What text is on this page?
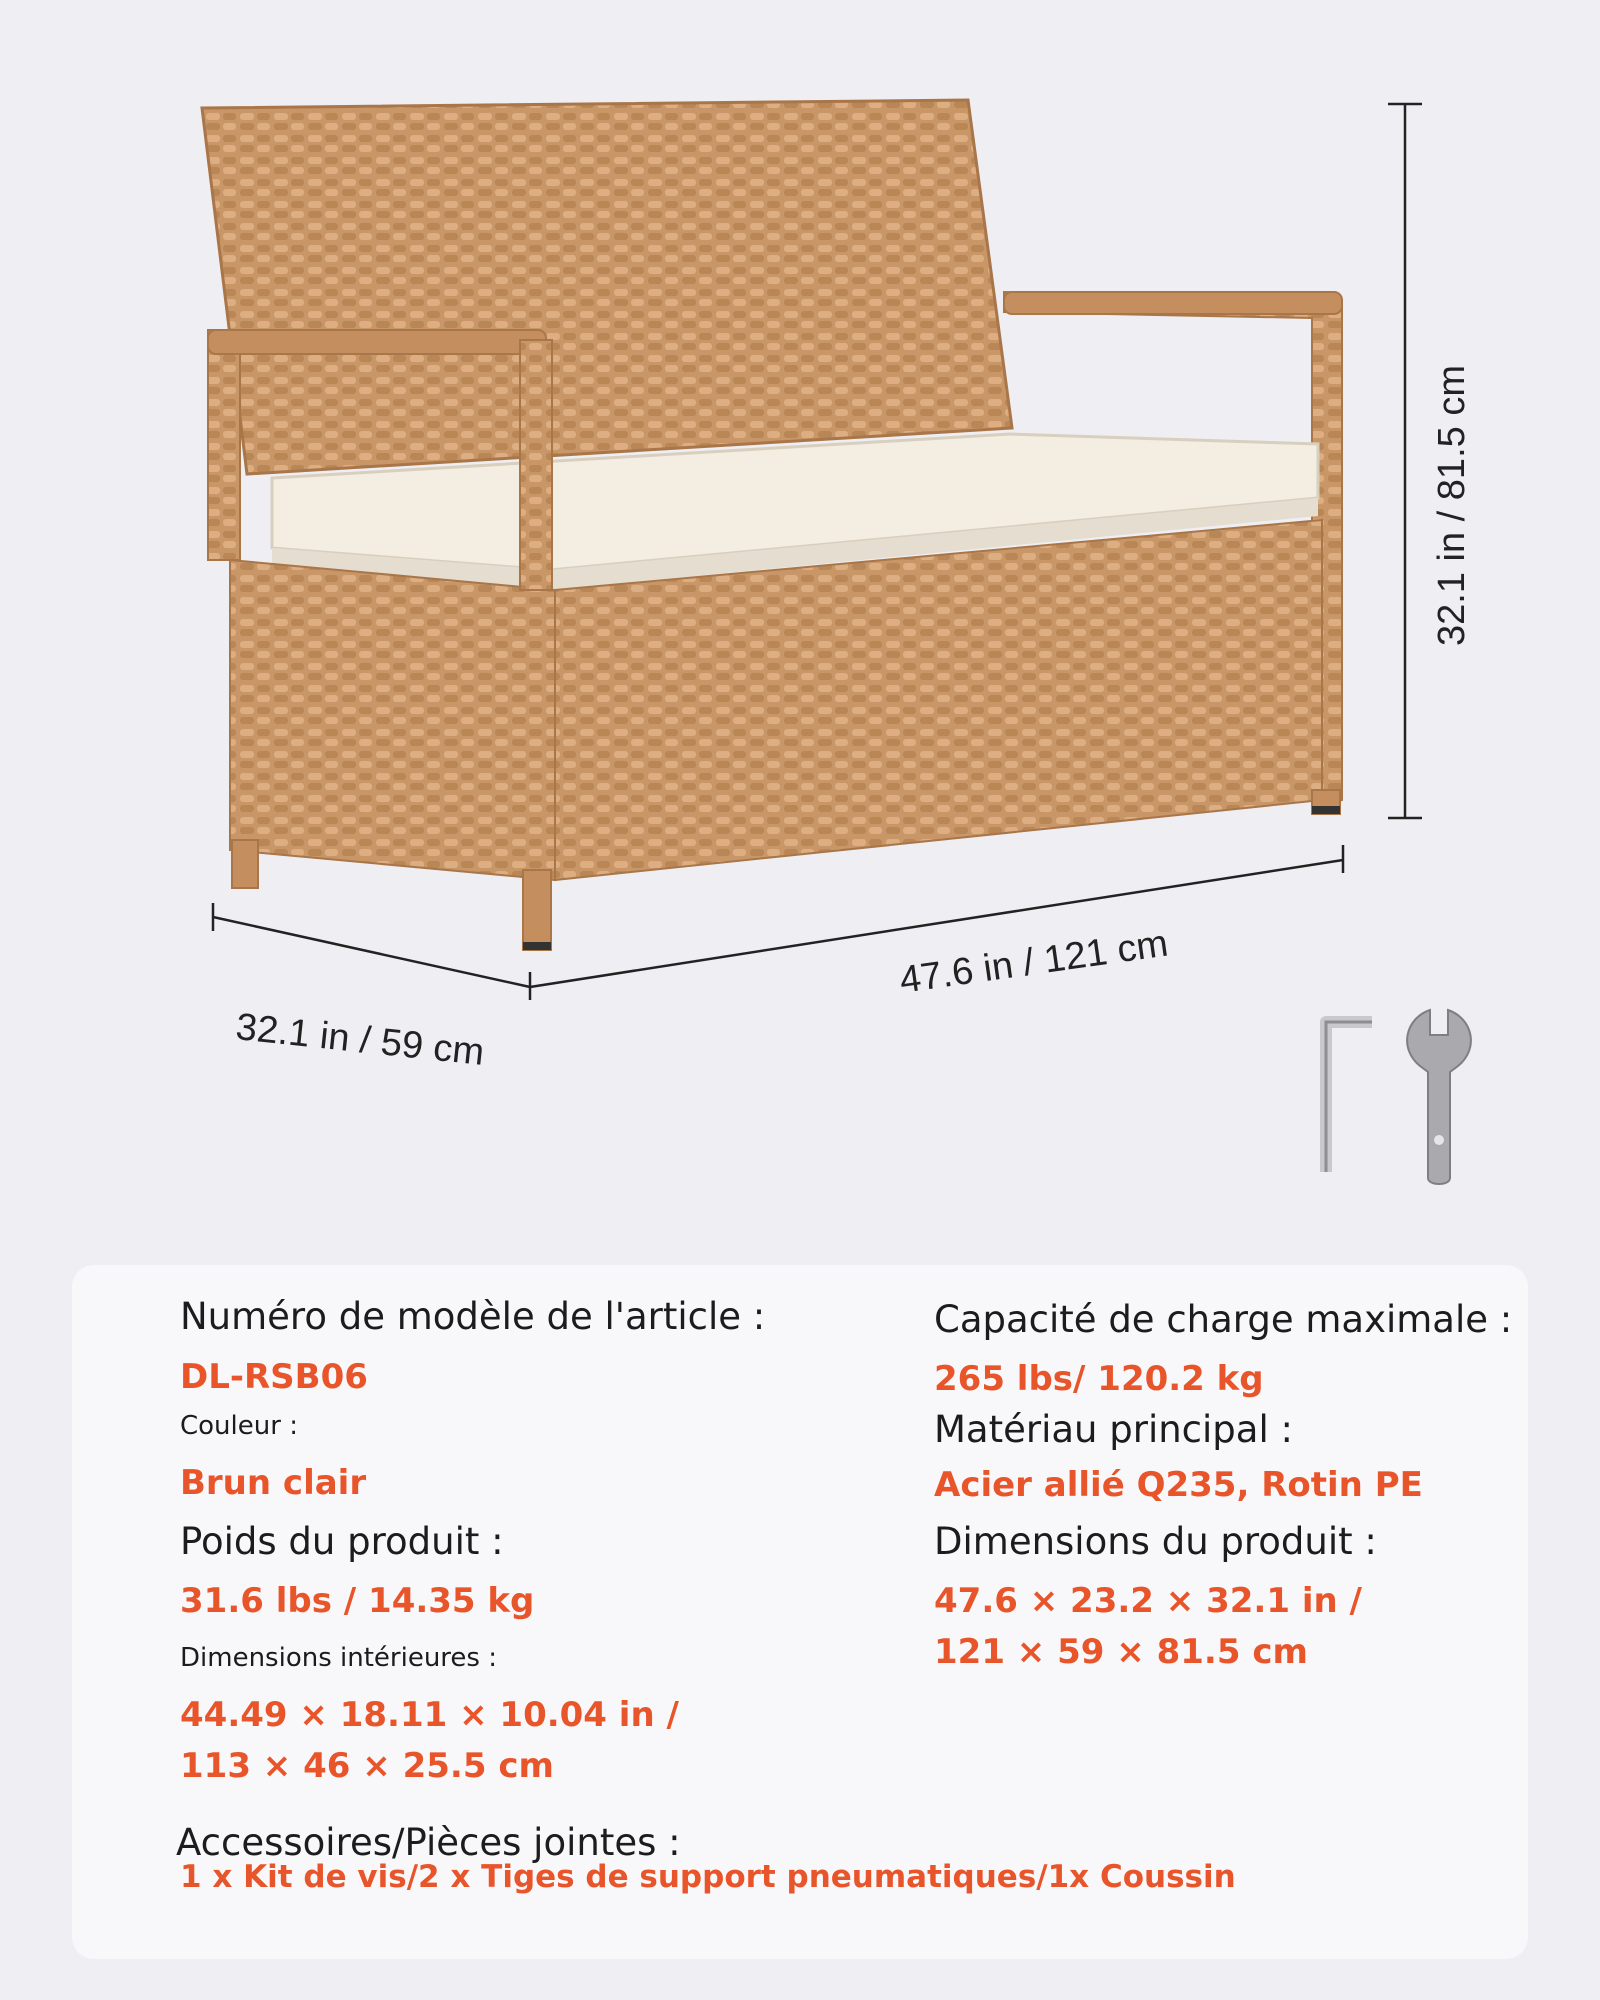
32.1 in / 81.5 cm
47.6 in / 121 cm
32.1 in / 59 cm
Numéro de modèle de l'article :
DL-RSB06
Couleur :
Brun clair
Poids du produit :
31.6 lbs / 14.35 kg
Dimensions intérieures :
44.49 × 18.11 × 10.04 in /
113 × 46 × 25.5 cm
Capacité de charge maximale :
265 lbs/ 120.2 kg
Matériau principal :
Acier allié Q235, Rotin PE
Dimensions du produit :
47.6 × 23.2 × 32.1 in /
121 × 59 × 81.5 cm
Accessoires/Pièces jointes :
1 x Kit de vis/2 x Tiges de support pneumatiques/1x Coussin
